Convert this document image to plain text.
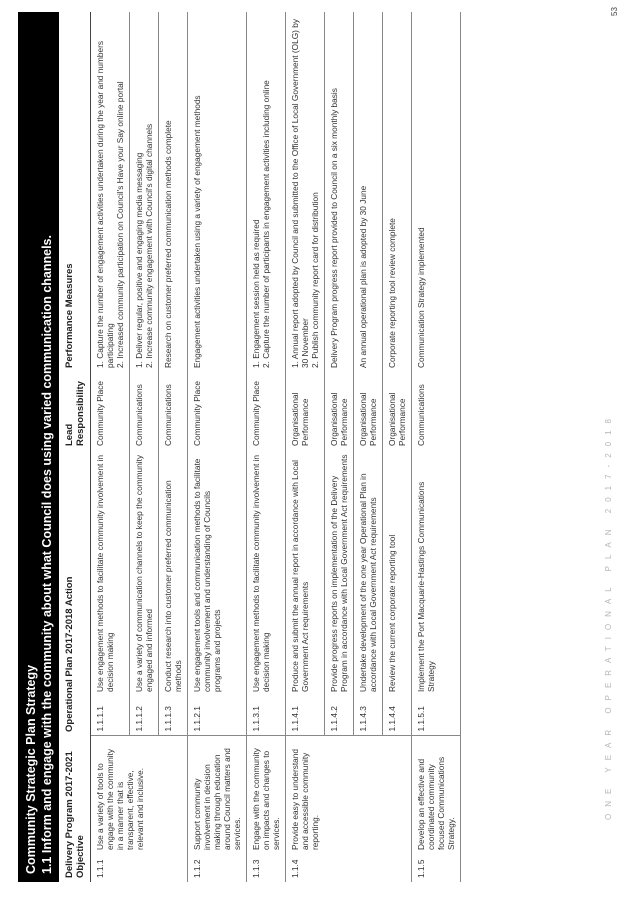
Community Strategic Plan Strategy 1.1 Inform and engage with the community about what Council does using varied communication channels. Delivery Program 2017-2021 Objective		Operational Plan 2017-2018 Action		Lead Responsibility	Performance Measures
1.1.1	Use a variety of tools to engage with the community in a manner that is transparent, effective, relevant and inclusive.	1.1.1.1	Use engagement methods to facilitate community involvement in decision making	Community Place	1. Capture the number of engagement activities undertaken during the year and numbers participating
2. Increased community participation on Council's Have your Say online portal
		1.1.1.2	Use a variety of communication channels to keep the community engaged and informed	Communications	1. Deliver regular, positive and engaging media messaging
2. Increase community engagement with Council's digital channels
		1.1.1.3	Conduct research into customer preferred communication methods	Communications	Research on customer preferred communication methods complete
1.1.2	Support community involvement in decision making through education around Council matters and services.	1.1.2.1	Use engagement tools and communication methods to facilitate community involvement and understanding of Councils programs and projects	Community Place	Engagement activities undertaken using a variety of engagement methods
1.1.3	Engage with the community on impacts and changes to services.	1.1.3.1	Use engagement methods to facilitate community involvement in decision making	Community Place	1. Engagement session held as required
2. Capture the number of participants in engagement activities including online
1.1.4	Provide easy to understand and accessible community reporting.	1.1.4.1	Produce and submit the annual report in accordance with Local Government Act requirements	Organisational Performance	1. Annual report adopted by Council and submitted to the Office of Local Government (OLG) by 30 November
2. Publish community report card for distribution
		1.1.4.2	Provide progress reports on implementation of the Delivery Program in accordance with Local Government Act requirements	Organisational Performance	Delivery Program progress report provided to Council on a six monthly basis
		1.1.4.3	Undertake development of the one year Operational Plan in accordance with Local Government Act requirements	Organisational Performance	An annual operational plan is adopted by 30 June
		1.1.4.4	Review the current corporate reporting tool	Organisational Performance	Corporate reporting tool review complete
1.1.5	Develop an effective and coordinated community focused Communications Strategy.	1.1.5.1	Implement the Port Macquarie-Hastings Communications Strategy	Communications	Communication Strategy implemented
ONE YEAR OPERATIONAL PLAN 2017-2018
53
